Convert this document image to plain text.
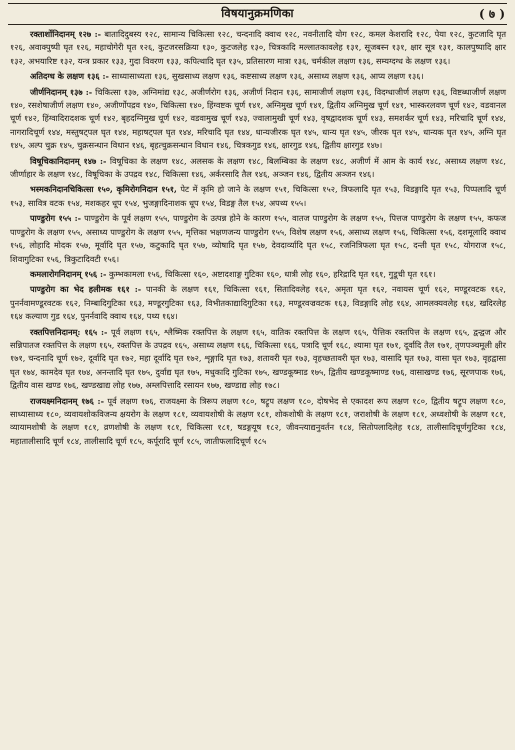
विषयानुक्रमणिका	( ७ )

रक्तार्शोनिदानम् १२७ :- बातादिदुबस्य १२८, सामान्य चिकित्सा १२८, चन्दनादि क्वाथ १२८, नवनीतादि योग १२८, कमल केशरादि १२८, पेया १२८, कुटजादि घृत १२६, अवाक्पुष्पी घृत १२६, महाचोगेरी घृत १२६, कुटजरसक्रिया १३०, कुटजलेह १३०, चित्रकादि मल्लातकावलेह १३१, सूजबस्न १३१, क्षार सूत्र १३१, कालपुष्पादि क्षार १३२, अभयारिष्ट १३२, यन्त्र प्रकार १३३, गुदा विवरण १३३, कपित्थादि घृत १३५, प्रतिसारण मात्रा १३६, चर्मकील लक्षण १३६, सम्यग्दग्ध के लक्षण १३६।

अतिदग्ध के लक्षण १३६ :- साध्यासाध्यता १३६, सुखसाध्य लक्षण १३६, कष्टसाध्य लक्षण १३६, असाध्य लक्षण १३६, आप्य लक्षण १३६।

जीर्णनिदानम् १३७ :- चिकित्सा १३७, अग्निमांद्य १३८, अजीर्णरोग १३६, अजीर्ण निदान १३६, सामाजीर्ण लक्षण १३६, विदग्धाजीर्ण लक्षण १३६, विष्टब्धाजीर्ण लक्षण १४०, रसशेषाजीर्ण लक्षण १४०, अजीर्णोपद्रव १४०, चिकित्सा १४०, हिंग्वष्टक चूर्ण १४१, अग्निमुख चूर्ण १४१, द्वितीय अग्निमुख चूर्ण १४१, भास्करलवण चूर्ण १४२, वडवानल चूर्ण १४२, हिंग्वादिरादशक चूर्ण १४२, बृहदग्निमुख चूर्ण १४२, वडवामुख चूर्ण १४३, ज्वालामुखी चूर्ण १४३, वृषद्वादशक चूर्ण १४३, समशर्कर चूर्ण १४३, मरिचादि चूर्ण १४४, नागरादिचूर्ण १४४, मस्तुषट्पल घृत १४४, महाषट्पल घृत १४४, मरिचादि घृत १४४, धान्यजीरक घृत १४५, धान्य घृत १४५, जीरक घृत १४५, धान्यक घृत १४५, अग्नि घृत १४५, अल्प चुक्र १४५, चुक्रसन्धान विधान १४६, बृहत्चुक्रसन्धान विधान १४६, चित्रकगुड १४६, क्षारगुड १४६, द्वितीय क्षारगुड १४७।

विषूचिकानिदानम् १४७ :- विषूचिका के लक्षण १४८, अलसक के लक्षण १४८, बिलम्बिका के लक्षण १४८, अजीर्ण में आम के कार्य १४८, असाध्य लक्षण १४८, जीर्णाहार के लक्षण १४८, विषूचिका के उपद्रव १४८, चिकित्सा १४६, अर्करसादि तैल १४६, अञ्जन १४६, द्वितीय अञ्जन १४६।

भस्मकनिदानचिकित्सा १५०, कृमिरोगनिदान १५१, पेट में कृमि हो जाने के लक्षण १५१, चिकित्सा १५२, त्रिफलादि घृत १५३, विडङ्गादि घृत १५३, पिप्पलादि चूर्ण १५३, सावित्र वटक १५४, मशकहर धूप १५४, भुजङ्गादिनाशक धूप १५४, विडङ्ग तैल १५४, अपथ्य १५५।

पाण्डुरोग १५५ :- पाण्डुरोग के पूर्व लक्षण १५५, पाण्डुरोग के उत्पन्न होने के कारण १५५, वातज पाण्डुरोग के लक्षण १५५, पित्तज पाण्डुरोग के लक्षण १५५, कफज पाण्डुरोग के लक्षण १५५, असाध्य पाण्डुरोग के लक्षण १५५, मृत्तिका भक्षणजन्य पाण्डुरोग १५५, विशेष लक्षण १५६, असाध्य लक्षण १५६, चिकित्सा १५६, दशमूलादि क्वाथ १५६, लोहादि मोदक १५७, मूर्वादि घृत १५७, कटुकादि घृत १५७, व्योषादि घृत १५७, देवदार्व्यादि घृत १५८, रजनित्रिफला घृत १५८, दन्ती घृत १५८, योगराज १५८, शिवागुटिका १५६, त्रिकुटादिवटी १५६।

कमलारोगनिदानम् १५६ :- कुम्भकामला १५६, चिकित्सा १६०, अष्टादशाङ्ग गुटिका १६०, धात्री लोह १६०, हरिद्रादि घृत १६१, गुडूची घृत १६१।

पाण्डुरोग का भेद हलीमक १६१ :- पानकी के लक्षण १६१, चिकित्सा १६१, सितादिवलेह १६२, अमृता घृत १६२, नवायस चूर्ण १६२, मण्डूरवटक १६२, पुनर्नवामण्डूरवटक १६२, निम्बादिगुटिका १६३, मण्डूरगुटिका १६३, विभीतकाद्यादिगुटिका १६३, मण्डूरवज्रवटक १६३, विडङ्गादि लोह १६४, आमलक्यवलेह १६४, खदिरलेह १६४ कल्याण गुड १६४, पुनर्नवादि क्वाथ १६४, पथ्य १६४।

रक्तपित्तनिदानम्: १६५ :- पूर्व लक्षण १६५, श्लैष्मिक रक्तपित्त के लक्षण १६५, वातिक रक्तपित्त के लक्षण १६५, पैत्तिक रक्तपित्त के लक्षण १६५, द्वन्द्वज और सन्निपातज रक्तपित्त के लक्षण १६५, रक्तपित्त के उपद्रव १६५, असाध्य लक्षण १६६, चिकित्सा १६६, पत्रादि चूर्ण १६८, श्यामा घृत १७१, दूर्वादि तैल १७१, तृणपञ्चमूली क्षीर १७१, चन्दनादि चूर्ण १७२, दूर्वादि घृत १७२, महा दूर्वादि घृत १७२, शृङ्गादि घृत १७३, शतावरी घृत १७३, वृहच्छतावरी घृत १७३, वासादि घृत १७३, वासा घृत १७३, वृहद्वासा घृत १७४, कामदेव घृत १७४, अनन्तादि घृत १७५, दुर्वाद्य घृत १७५, मधुकादि गुटिका १७५, खण्डकूष्माड १७५, द्वितीय खण्डकूष्माण्ड १७६, वासाखण्ड १७६, सूरणपाक १७६, द्वितीय वास खण्ड १७६, खण्डखाद्य लोह १७७, अम्लपित्तादि रसायन १७७, खण्डाद्य लोह १७८।

राजयक्ष्मनिदानम् १७६ :- पूर्व लक्षण १७६, राजयक्ष्मा के त्रिरूप लक्षण १८०, षट्रूप लक्षण १८०, दोषभेद से एकादश रूप लक्षण १८०, द्वितीय षट्रूप लक्षण १८०, साध्यासाध्य १८०, व्यवायशोकविजन्य क्षयरोग के लक्षण १८१, व्यवायशोषी के लक्षण १८१, शोकशोषी के लक्षण १८१, जराशोषी के लक्षण १८१, अध्वशोषी के लक्षण १८१, व्यायामशोषी के लक्षण १८१, व्रणशोषी के लक्षण १८१, चिकित्सा १८१, षडङ्गयूष १८२, जीवन्त्याद्यनुवर्तन १८४, सितोपलादिलेह १८४, तालीसादिचूर्णगुटिका १८४, महातालीसादि चूर्ण १८४, तालीसादि चूर्ण १८५, कर्पूरादि चूर्ण १८५, जातीफलादिचूर्ण १८५
